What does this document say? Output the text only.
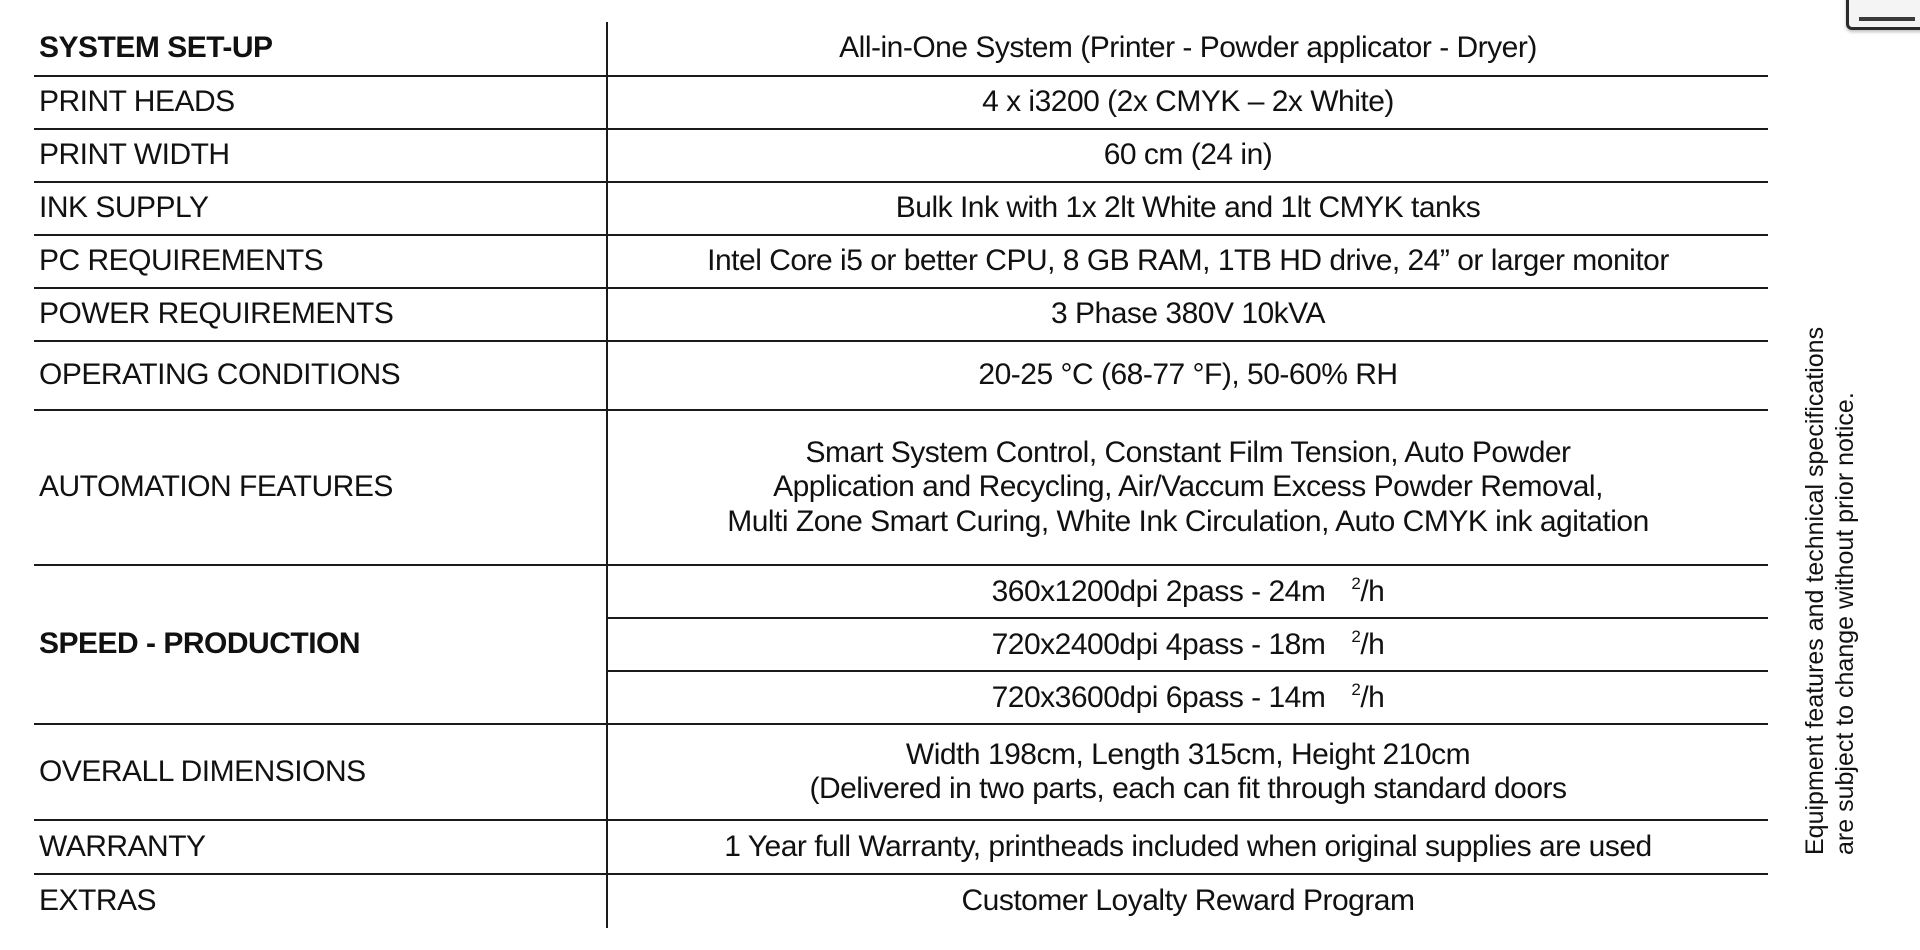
SYSTEM SET-UP	All-in-One System (Printer - Powder applicator - Dryer)
PRINT HEADS	4 x i3200 (2x CMYK – 2x White)
PRINT WIDTH	60 cm (24 in)
INK SUPPLY	Bulk Ink with 1x 2lt White and 1lt CMYK tanks
PC REQUIREMENTS	Intel Core i5 or better CPU, 8 GB RAM, 1TB HD drive, 24” or larger monitor
POWER REQUIREMENTS	3 Phase 380V 10kVA
OPERATING CONDITIONS	20-25 °C (68-77 °F), 50-60% RH
AUTOMATION FEATURES	Smart System Control, Constant Film Tension, Auto Powder
Application and Recycling, Air/Vaccum Excess Powder Removal,
Multi Zone Smart Curing, White Ink Circulation, Auto CMYK ink agitation

SPEED - PRODUCTION	360x1200dpi 2pass - 24m $^2$/h
	720x2400dpi 4pass - 18m $^2$/h
	720x3600dpi 6pass - 14m $^2$/h
OVERALL DIMENSIONS	Width 198cm, Length 315cm, Height 210cm
(Delivered in two parts, each can fit through standard doors

WARRANTY	1 Year full Warranty, printheads included when original supplies are used
EXTRAS	Customer Loyalty Reward Program
Equipment features and technical specifications are subject to change without prior notice.
